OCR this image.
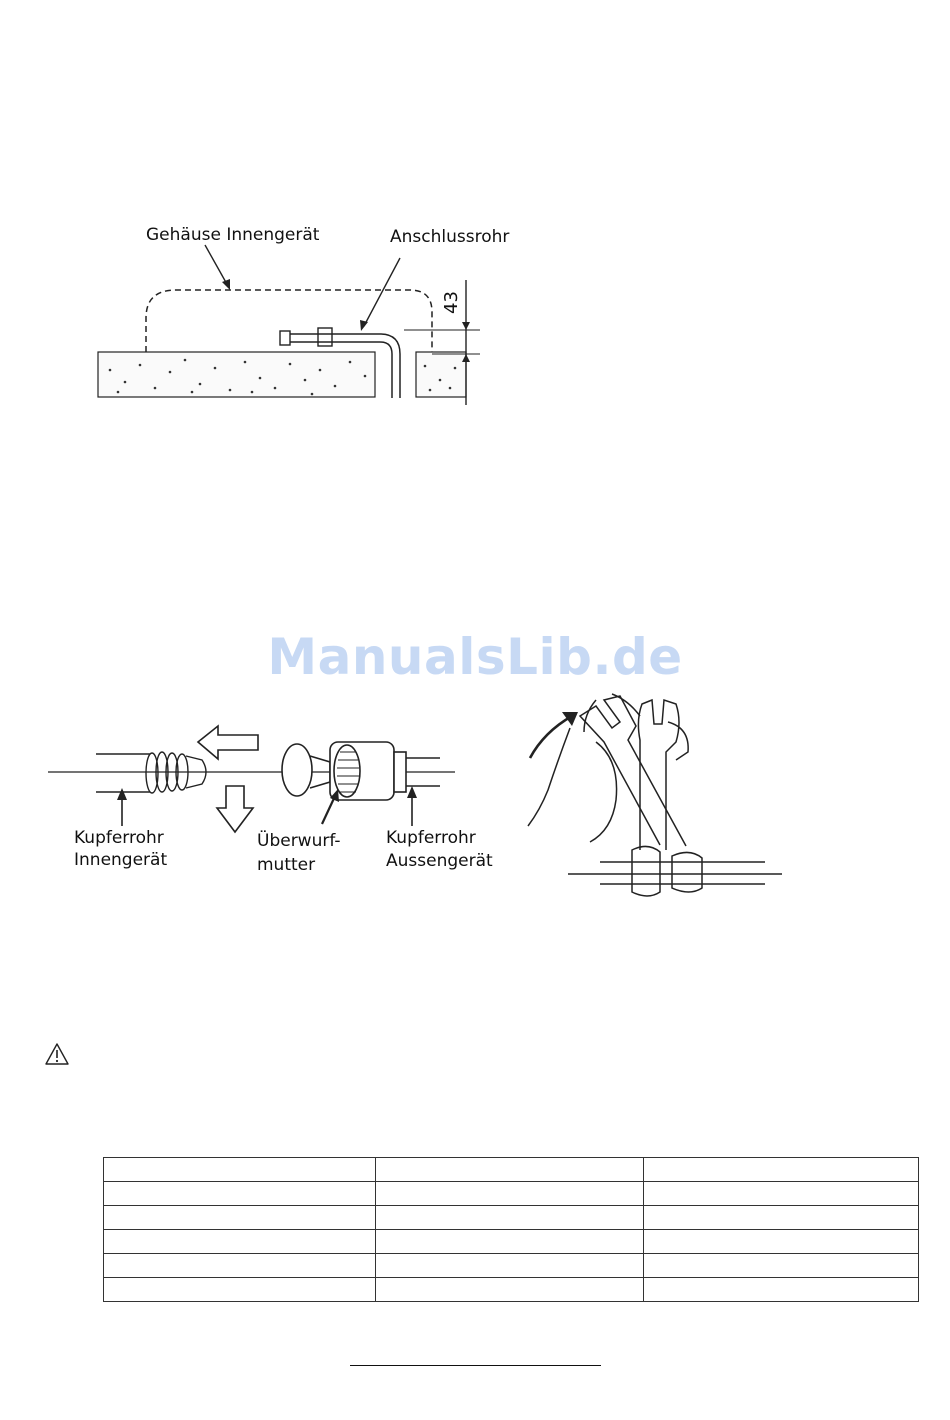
Gehäuse Innengerät	Anschlussrohr
43
ManualsLib.de
Kupferrohr
Innengerät
Überwurf-
mutter
Kupferrohr
Aussengerät
